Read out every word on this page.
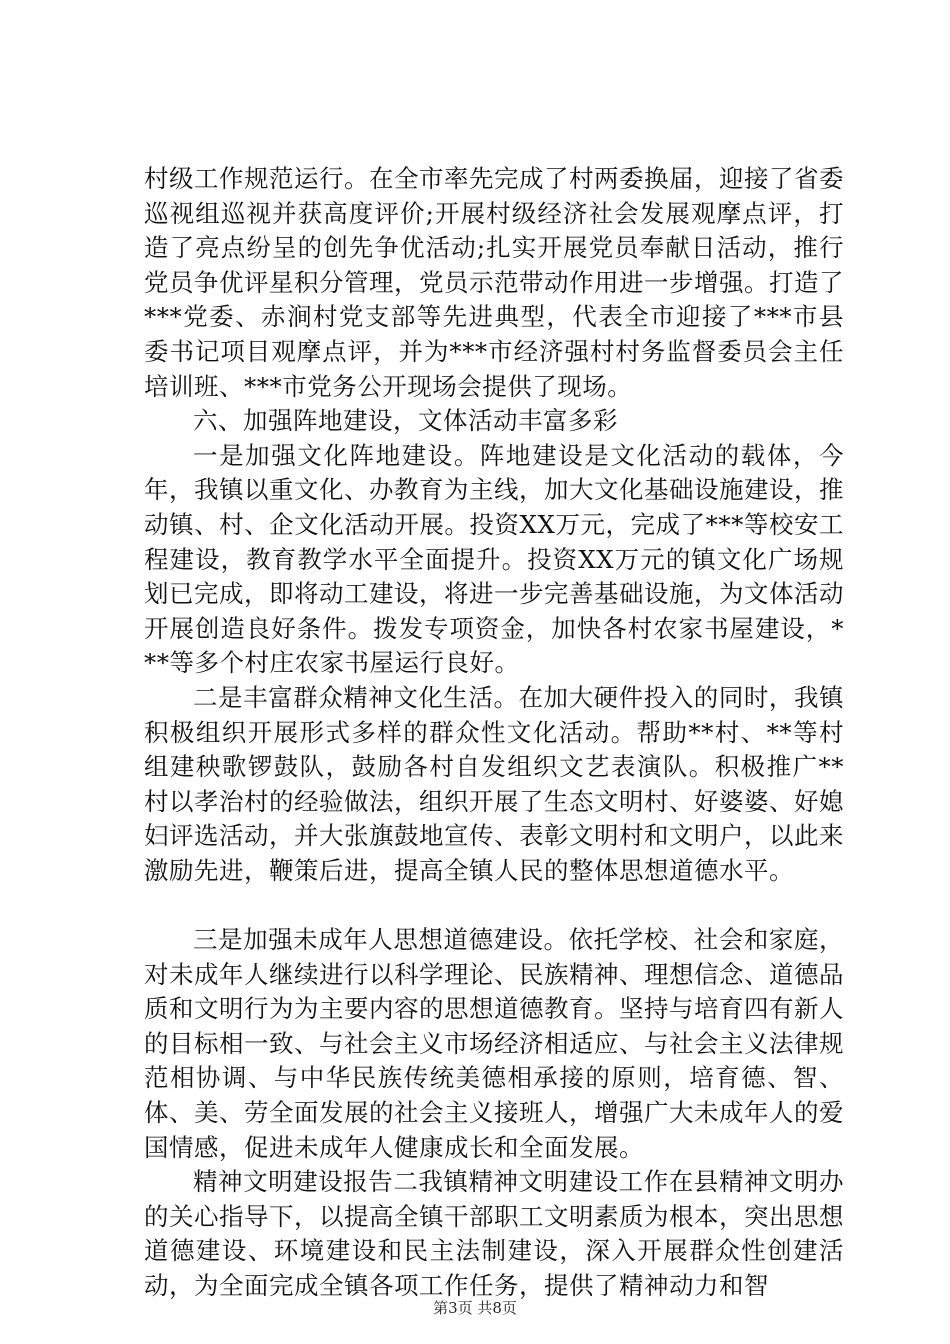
村级工作规范运行。在全市率先完成了村两委换届，迎接了省委巡视组巡视并获高度评价;开展村级经济社会发展观摩点评，打造了亮点纷呈的创先争优活动;扎实开展党员奉献日活动，推行党员争优评星积分管理，党员示范带动作用进一步增强。打造了***党委、赤涧村党支部等先进典型，代表全市迎接了***市县委书记项目观摩点评，并为***市经济强村村务监督委员会主任培训班、***市党务公开现场会提供了现场。

六、加强阵地建设，文体活动丰富多彩

一是加强文化阵地建设。阵地建设是文化活动的载体，今年，我镇以重文化、办教育为主线，加大文化基础设施建设，推动镇、村、企文化活动开展。投资XX万元，完成了***等校安工程建设，教育教学水平全面提升。投资XX万元的镇文化广场规划已完成，即将动工建设，将进一步完善基础设施，为文体活动开展创造良好条件。拨发专项资金，加快各村农家书屋建设，***等多个村庄农家书屋运行良好。

二是丰富群众精神文化生活。在加大硬件投入的同时，我镇积极组织开展形式多样的群众性文化活动。帮助**村、**等村组建秧歌锣鼓队，鼓励各村自发组织文艺表演队。积极推广**村以孝治村的经验做法，组织开展了生态文明村、好婆婆、好媳妇评选活动，并大张旗鼓地宣传、表彰文明村和文明户，以此来激励先进，鞭策后进，提高全镇人民的整体思想道德水平。

三是加强未成年人思想道德建设。依托学校、社会和家庭，对未成年人继续进行以科学理论、民族精神、理想信念、道德品质和文明行为为主要内容的思想道德教育。坚持与培育四有新人的目标相一致、与社会主义市场经济相适应、与社会主义法律规范相协调、与中华民族传统美德相承接的原则，培育德、智、体、美、劳全面发展的社会主义接班人，增强广大未成年人的爱国情感，促进未成年人健康成长和全面发展。

精神文明建设报告二我镇精神文明建设工作在县精神文明办的关心指导下，以提高全镇干部职工文明素质为根本，突出思想道德建设、环境建设和民主法制建设，深入开展群众性创建活动，为全面完成全镇各项工作任务，提供了精神动力和智

第3页 共8页
